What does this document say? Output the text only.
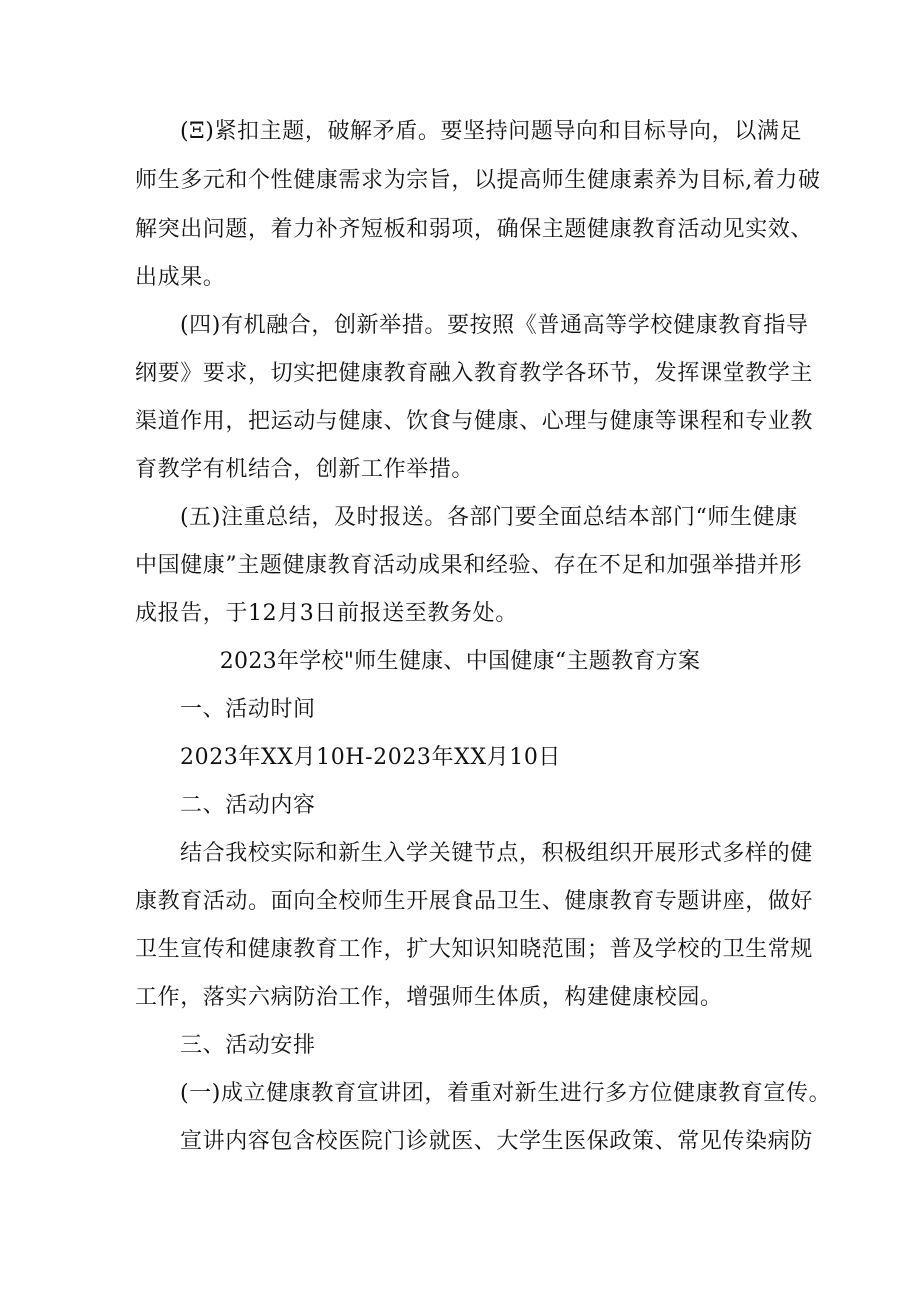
(Ξ)紧扣主题，破解矛盾。要坚持问题导向和目标导向，以满足
师生多元和个性健康需求为宗旨，以提高师生健康素养为目标,着力破
解突出问题，着力补齐短板和弱项，确保主题健康教育活动见实效、
出成果。
(四)有机融合，创新举措。要按照《普通高等学校健康教育指导
纲要》要求，切实把健康教育融入教育教学各环节，发挥课堂教学主
渠道作用，把运动与健康、饮食与健康、心理与健康等课程和专业教
育教学有机结合，创新工作举措。
(五)注重总结，及时报送。各部门要全面总结本部门“师生健康
中国健康”主题健康教育活动成果和经验、存在不足和加强举措并形
成报告，于12月3日前报送至教务处。
2023年学校"师生健康、中国健康“主题教育方案
一、活动时间
2023年XX月10H-2023年XX月10日
二、活动内容
结合我校实际和新生入学关键节点，积极组织开展形式多样的健
康教育活动。面向全校师生开展食品卫生、健康教育专题讲座，做好
卫生宣传和健康教育工作，扩大知识知晓范围；普及学校的卫生常规
工作，落实六病防治工作，增强师生体质，构建健康校园。
三、活动安排
(一)成立健康教育宣讲团，着重对新生进行多方位健康教育宣传。
宣讲内容包含校医院门诊就医、大学生医保政策、常见传染病防
